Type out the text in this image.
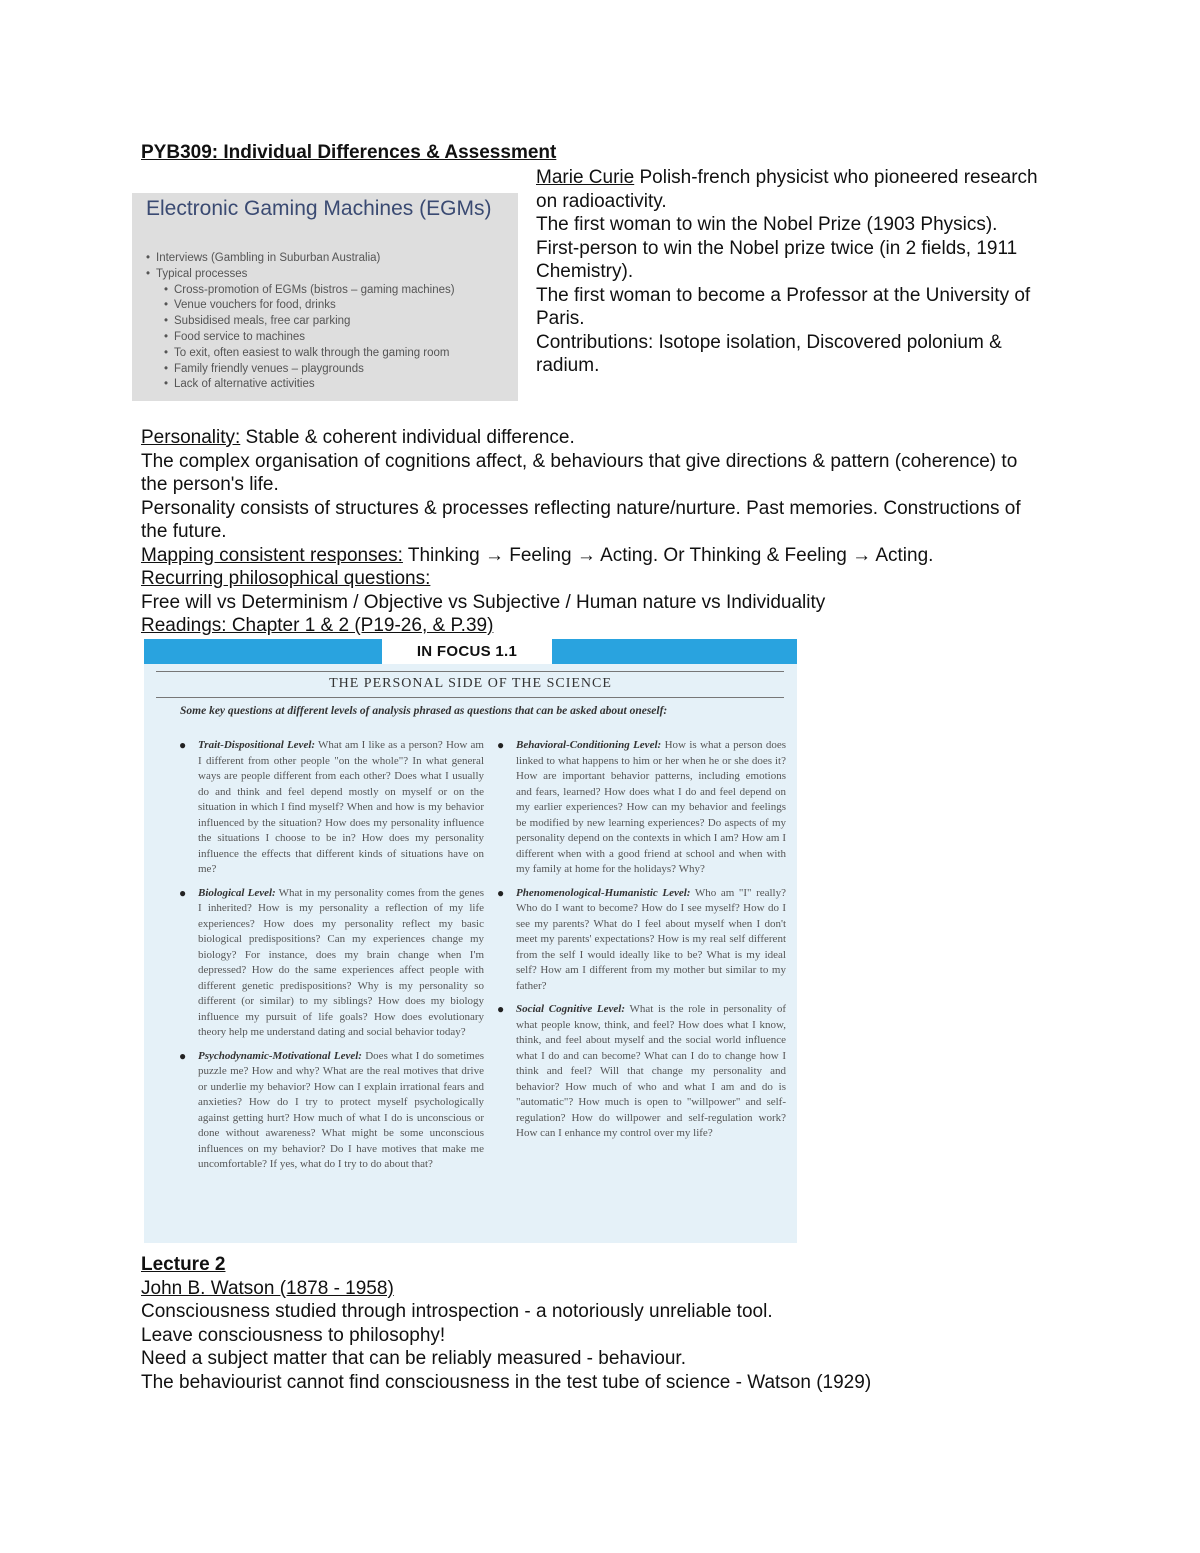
PYB309: Individual Differences & Assessment
Electronic Gaming Machines (EGMs)
• Interviews (Gambling in Suburban Australia)
• Typical processes
• Cross-promotion of EGMs (bistros – gaming machines)
• Venue vouchers for food, drinks
• Subsidised meals, free car parking
• Food service to machines
• To exit, often easiest to walk through the gaming room
• Family friendly venues – playgrounds
• Lack of alternative activities
Marie Curie Polish-french physicist who pioneered research
on radioactivity.
The first woman to win the Nobel Prize (1903 Physics).
First-person to win the Nobel prize twice (in 2 fields, 1911
Chemistry).
The first woman to become a Professor at the University of
Paris.
Contributions: Isotope isolation, Discovered polonium &
radium.
Personality: Stable & coherent individual difference.
The complex organisation of cognitions affect, & behaviours that give directions & pattern (coherence) to
the person's life.
Personality consists of structures & processes reflecting nature/nurture. Past memories. Constructions of
the future.
Mapping consistent responses: Thinking → Feeling → Acting. Or Thinking & Feeling → Acting.
Recurring philosophical questions:
Free will vs Determinism / Objective vs Subjective / Human nature vs Individuality
Readings: Chapter 1 & 2 (P19-26, & P.39)
IN FOCUS 1.1
THE PERSONAL SIDE OF THE SCIENCE
Some key questions at different levels of analysis phrased as questions that can be asked about oneself:
● Trait-Dispositional Level: What am I like as a person? How am I different from other people "on the whole"? In what general ways are people different from each other? Does what I usually do and think and feel depend mostly on myself or on the situation in which I find myself? When and how is my behavior influenced by the situation? How does my personality influence the situations I choose to be in? How does my personality influence the effects that different kinds of situations have on me?
● Biological Level: What in my personality comes from the genes I inherited? How is my personality a reflection of my life experiences? How does my personality reflect my basic biological predispositions? Can my experiences change my biology? For instance, does my brain change when I'm depressed? How do the same experiences affect people with different genetic predispositions? Why is my personality so different (or similar) to my siblings? How does my biology influence my pursuit of life goals? How does evolutionary theory help me understand dating and social behavior today?
● Psychodynamic-Motivational Level: Does what I do sometimes puzzle me? How and why? What are the real motives that drive or underlie my behavior? How can I explain irrational fears and anxieties? How do I try to protect myself psychologically against getting hurt? How much of what I do is unconscious or done without awareness? What might be some unconscious influences on my behavior? Do I have motives that make me uncomfortable? If yes, what do I try to do about that?
● Behavioral-Conditioning Level: How is what a person does linked to what happens to him or her when he or she does it? How are important behavior patterns, including emotions and fears, learned? How does what I do and feel depend on my earlier experiences? How can my behavior and feelings be modified by new learning experiences? Do aspects of my personality depend on the contexts in which I am? How am I different when with a good friend at school and when with my family at home for the holidays? Why?
● Phenomenological-Humanistic Level: Who am "I" really? Who do I want to become? How do I see myself? How do I see my parents? What do I feel about myself when I don't meet my parents' expectations? How is my real self different from the self I would ideally like to be? What is my ideal self? How am I different from my mother but similar to my father?
● Social Cognitive Level: What is the role in personality of what people know, think, and feel? How does what I know, think, and feel about myself and the social world influence what I do and can become? What can I do to change how I think and feel? Will that change my personality and behavior? How much of who and what I am and do is "automatic"? How much is open to "willpower" and self-regulation? How do willpower and self-regulation work? How can I enhance my control over my life?
Lecture 2
John B. Watson (1878 - 1958)
Consciousness studied through introspection - a notoriously unreliable tool.
Leave consciousness to philosophy!
Need a subject matter that can be reliably measured - behaviour.
The behaviourist cannot find consciousness in the test tube of science - Watson (1929)
